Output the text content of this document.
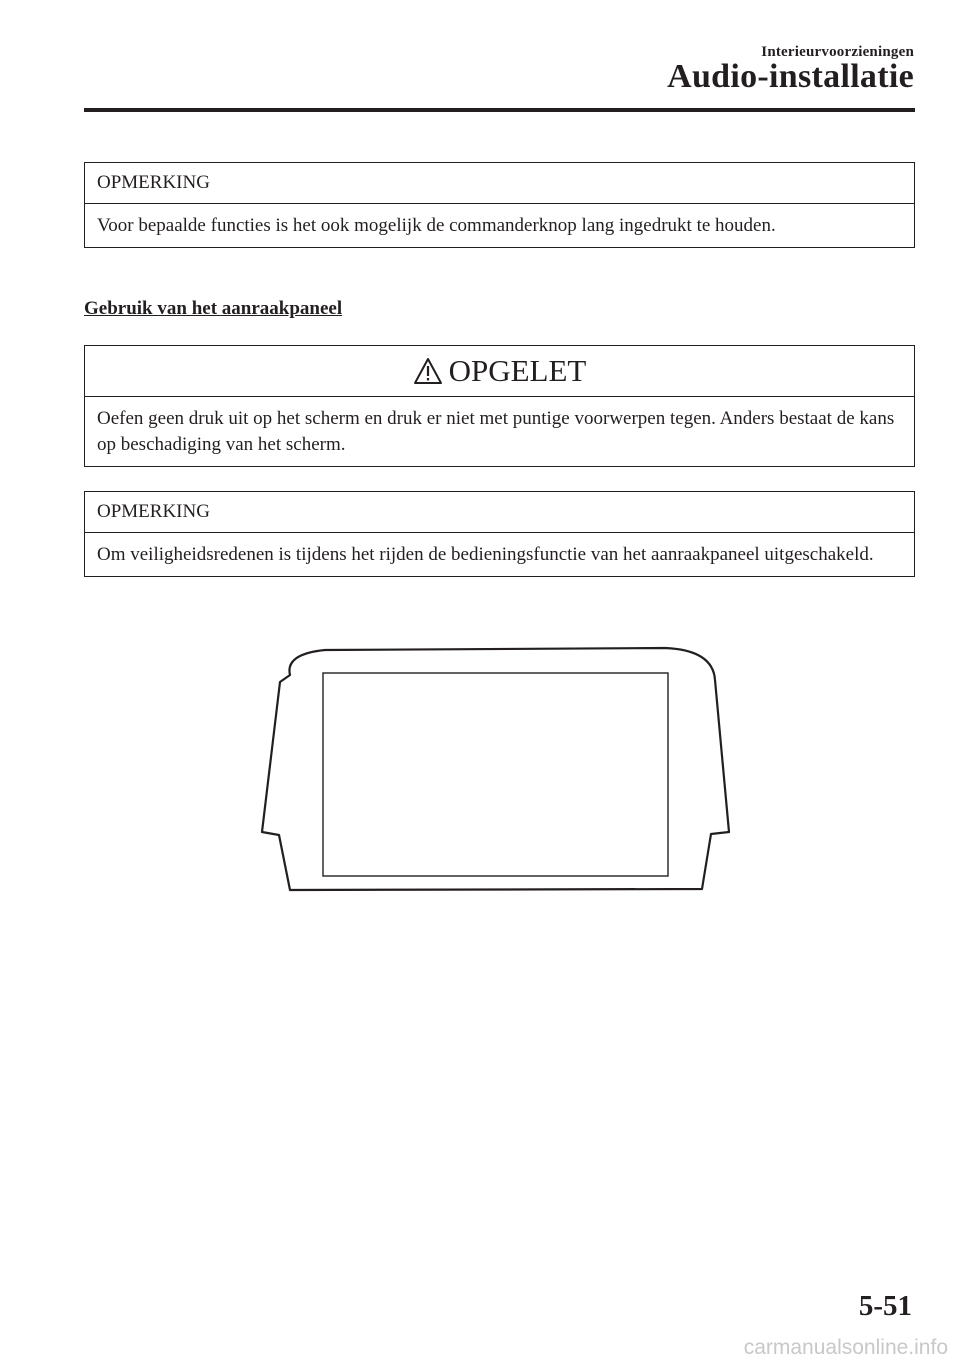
Interieurvoorzieningen
Audio-installatie
OPMERKING
Voor bepaalde functies is het ook mogelijk de commanderknop lang ingedrukt te houden.
Gebruik van het aanraakpaneel
OPGELET
Oefen geen druk uit op het scherm en druk er niet met puntige voorwerpen tegen. Anders bestaat de kans op beschadiging van het scherm.
OPMERKING
Om veiligheidsredenen is tijdens het rijden de bedieningsfunctie van het aanraakpaneel uitgeschakeld.
5-51
carmanualsonline.info
